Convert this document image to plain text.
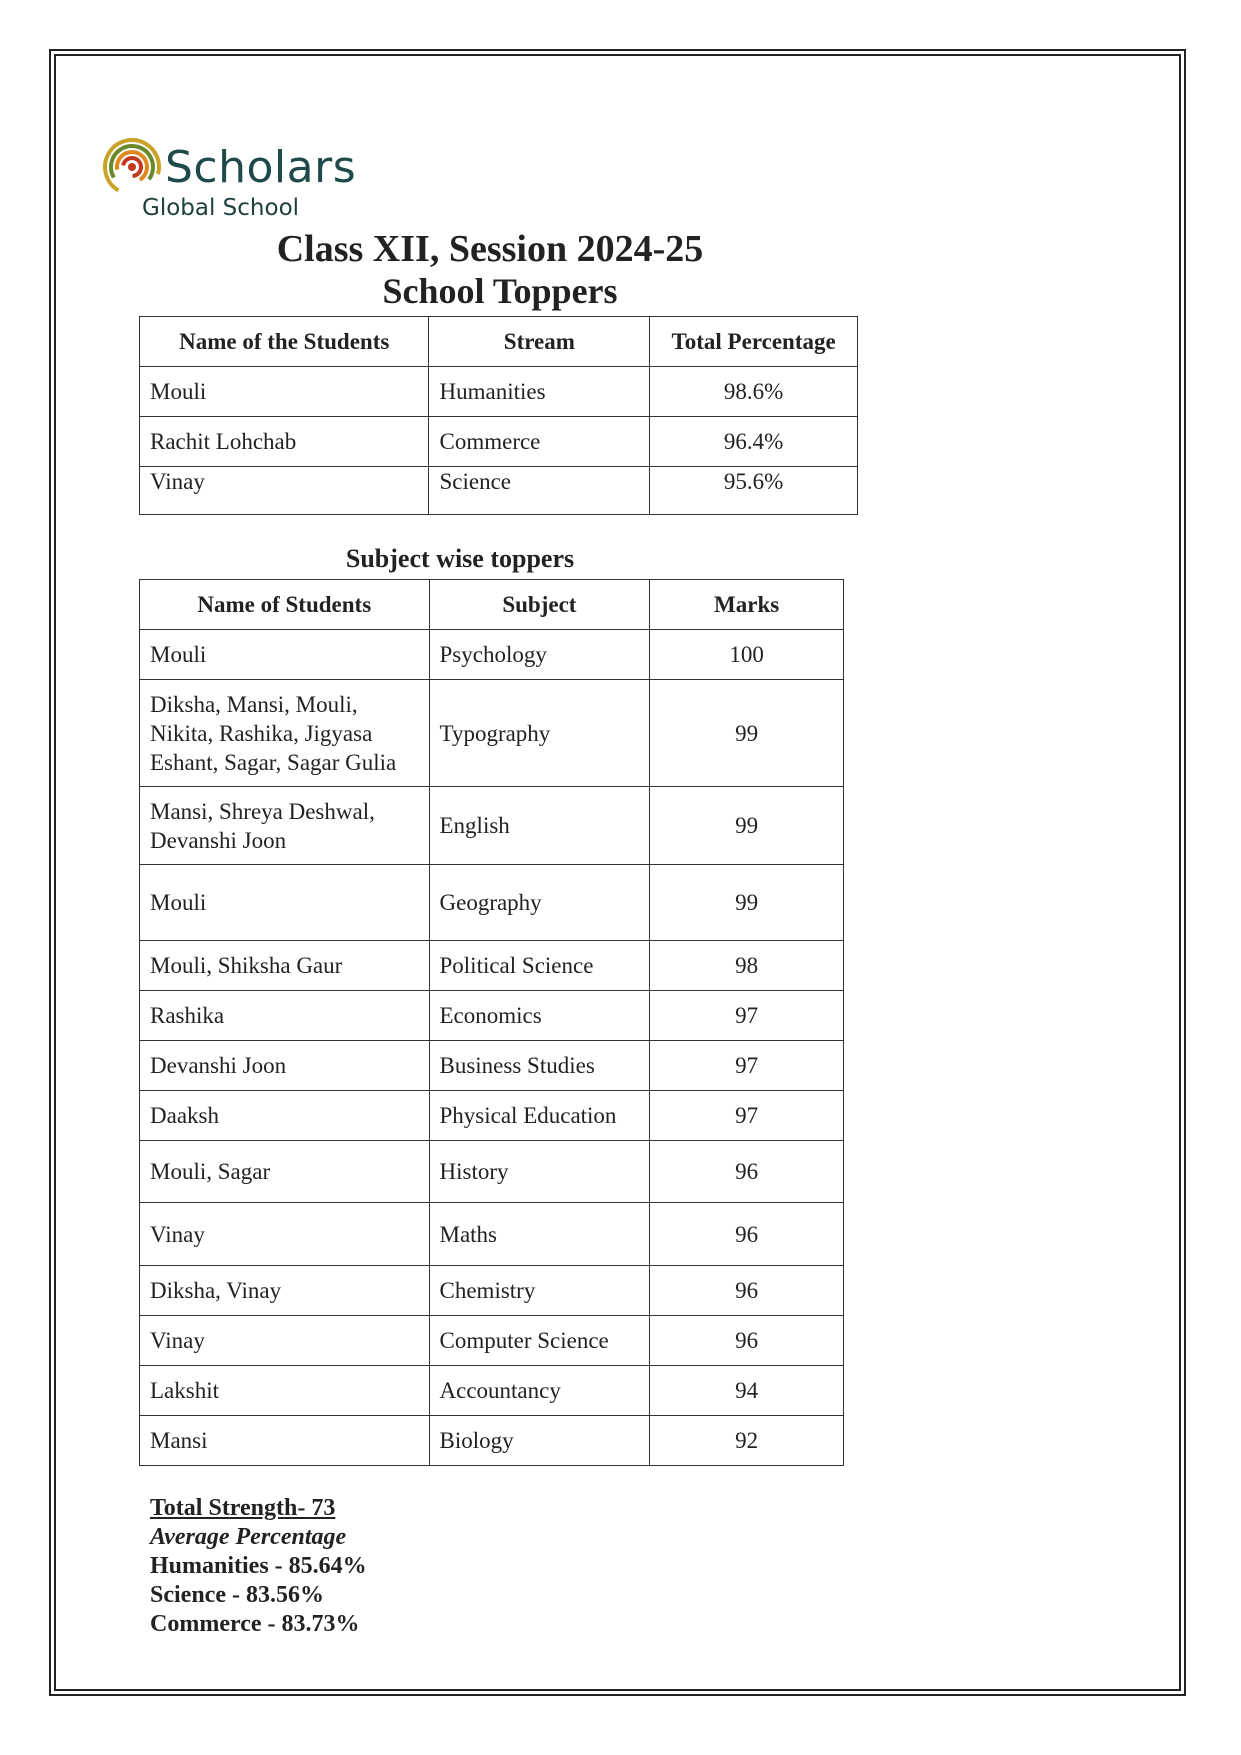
Scholars
Global School
Class XII, Session 2024-25
School Toppers
Name of the Students	Stream	Total Percentage
Mouli	Humanities	98.6%
Rachit Lohchab	Commerce	96.4%
Vinay	Science	95.6%
Subject wise toppers
Name of Students	Subject	Marks
Mouli	Psychology	100

Diksha, Mansi, Mouli,
Nikita, Rashika, Jigyasa
Eshant, Sagar, Sagar Gulia	Typography	99

Mansi, Shreya Deshwal,
Devanshi Joon	English	99
Mouli	Geography	99
Mouli, Shiksha Gaur	Political Science	98
Rashika	Economics	97
Devanshi Joon	Business Studies	97
Daaksh	Physical Education	97
Mouli, Sagar	History	96
Vinay	Maths	96
Diksha, Vinay	Chemistry	96
Vinay	Computer Science	96
Lakshit	Accountancy	94
Mansi	Biology	92
Total Strength- 73
Average Percentage
Humanities - 85.64%
Science - 83.56%
Commerce - 83.73%
